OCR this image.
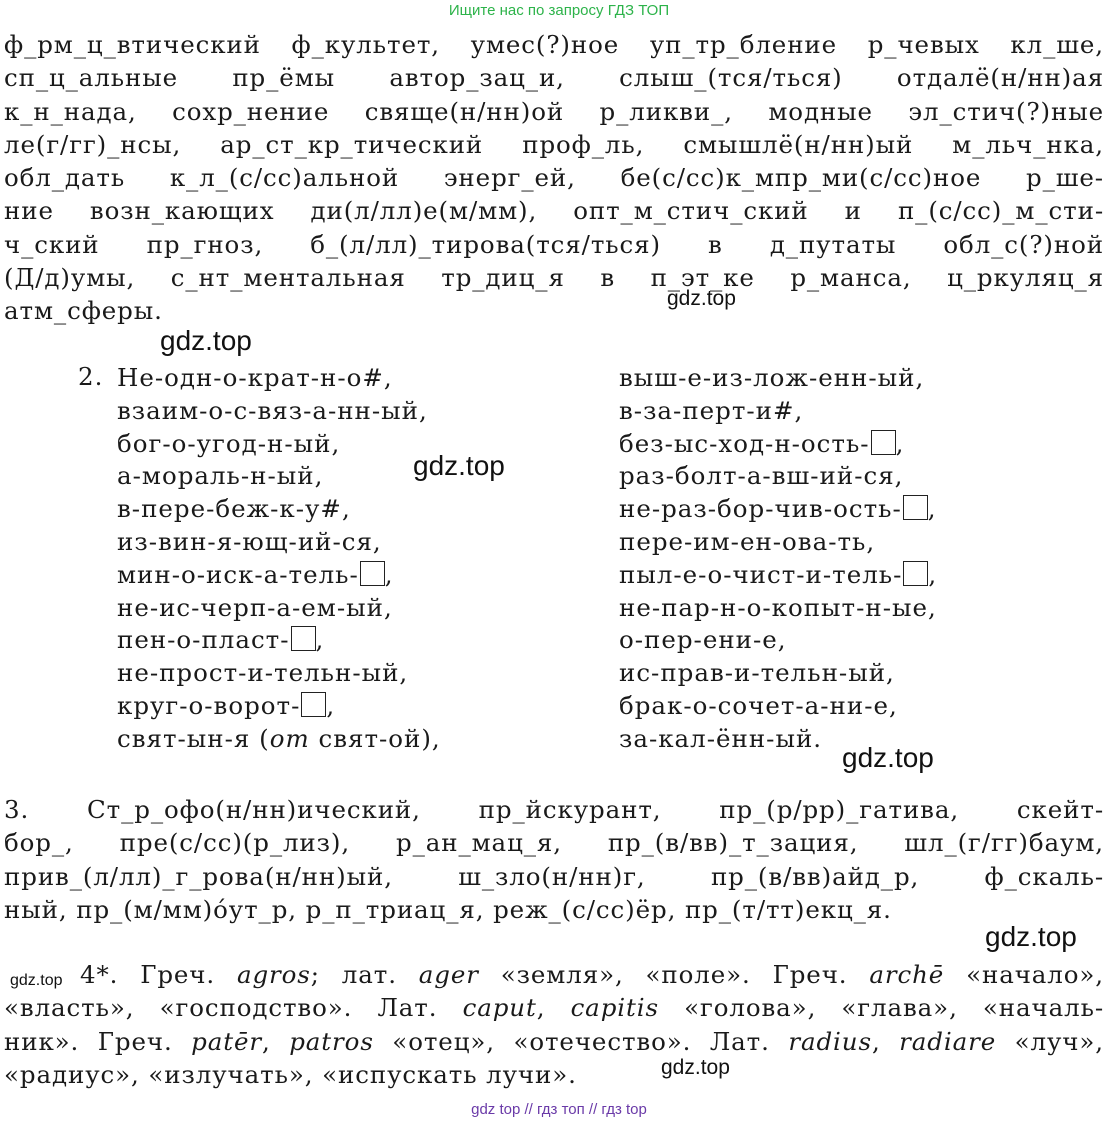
Ищите нас по запросу ГДЗ ТОП
ф_рм_ц_втический ф_культет, умес(?)ное уп_тр_бление р_чевых кл_ше,
сп_ц_альные пр_ёмы автор_зац_и, слыш_(тся/ться) отдалё(н/нн)ая
к_н_нада, сохр_нение свяще(н/нн)ой р_ликви_, модные эл_стич(?)ные
ле(г/гг)_нсы, ар_ст_кр_тический проф_ль, смышлё(н/нн)ый м_льч_нка,
обл_дать к_л_(с/сс)альной энерг_ей, бе(с/сс)к_мпр_ми(с/сс)ное р_ше-
ние возн_кающих ди(л/лл)е(м/мм), опт_м_стич_ский и п_(с/сс)_м_сти-
ч_ский пр_гноз, б_(л/лл)_тирова(тся/ться) в д_путаты обл_с(?)ной
(Д/д)умы, с_нт_ментальная тр_диц_я в п_эт_ке р_манса, ц_ркуляц_я
атм_сферы.	gdz.top
gdz.top
gdz.top
gdz.top
gdz.top
gdz.top
gdz.top
2. Не-одн-о-крат-н-о#,
взаим-о-с-вяз-а-нн-ый,
бог-о-угод-н-ый,
а-мораль-н-ый,
в-пере-беж-к-у#,
из-вин-я-ющ-ий-ся,
мин-о-иск-а-тель- ,
не-ис-черп-а-ем-ый,
пен-о-пласт- ,
не-прост-и-тельн-ый,
круг-о-ворот- ,
свят-ын-я (от свят-ой),
выш-е-из-лож-енн-ый,
в-за-перт-и#,
без-ыс-ход-н-ость- ,
раз-болт-а-вш-ий-ся,
не-раз-бор-чив-ость- ,
пере-им-ен-ова-ть,
пыл-е-о-чист-и-тель- ,
не-пар-н-о-копыт-н-ые,
о-пер-ени-е,
ис-прав-и-тельн-ый,
брак-о-сочет-а-ни-е,
за-кал-ённ-ый.
3. Ст_р_офо(н/нн)ический, пр_йскурант, пр_(р/рр)_гатива, скейт-
бор_, пре(с/сс)(р_лиз), р_ан_мац_я, пр_(в/вв)_т_зация, шл_(г/гг)баум,
прив_(л/лл)_г_рова(н/нн)ый, ш_зло(н/нн)г, пр_(в/вв)айд_р, ф_скаль-
ный, пр_(м/мм)óут_р, р_п_триац_я, реж_(с/сс)ёр, пр_(т/тт)екц_я.
4*. Греч. agros; лат. ager «земля», «поле». Греч. archē «начало»,
«власть», «господство». Лат. caput, capitis «голова», «глава», «началь-
ник». Греч. patēr, patros «отец», «отечество». Лат. radius, radiare «луч»,
«радиус», «излучать», «испускать лучи».
gdz top // гдз топ // гдз top
